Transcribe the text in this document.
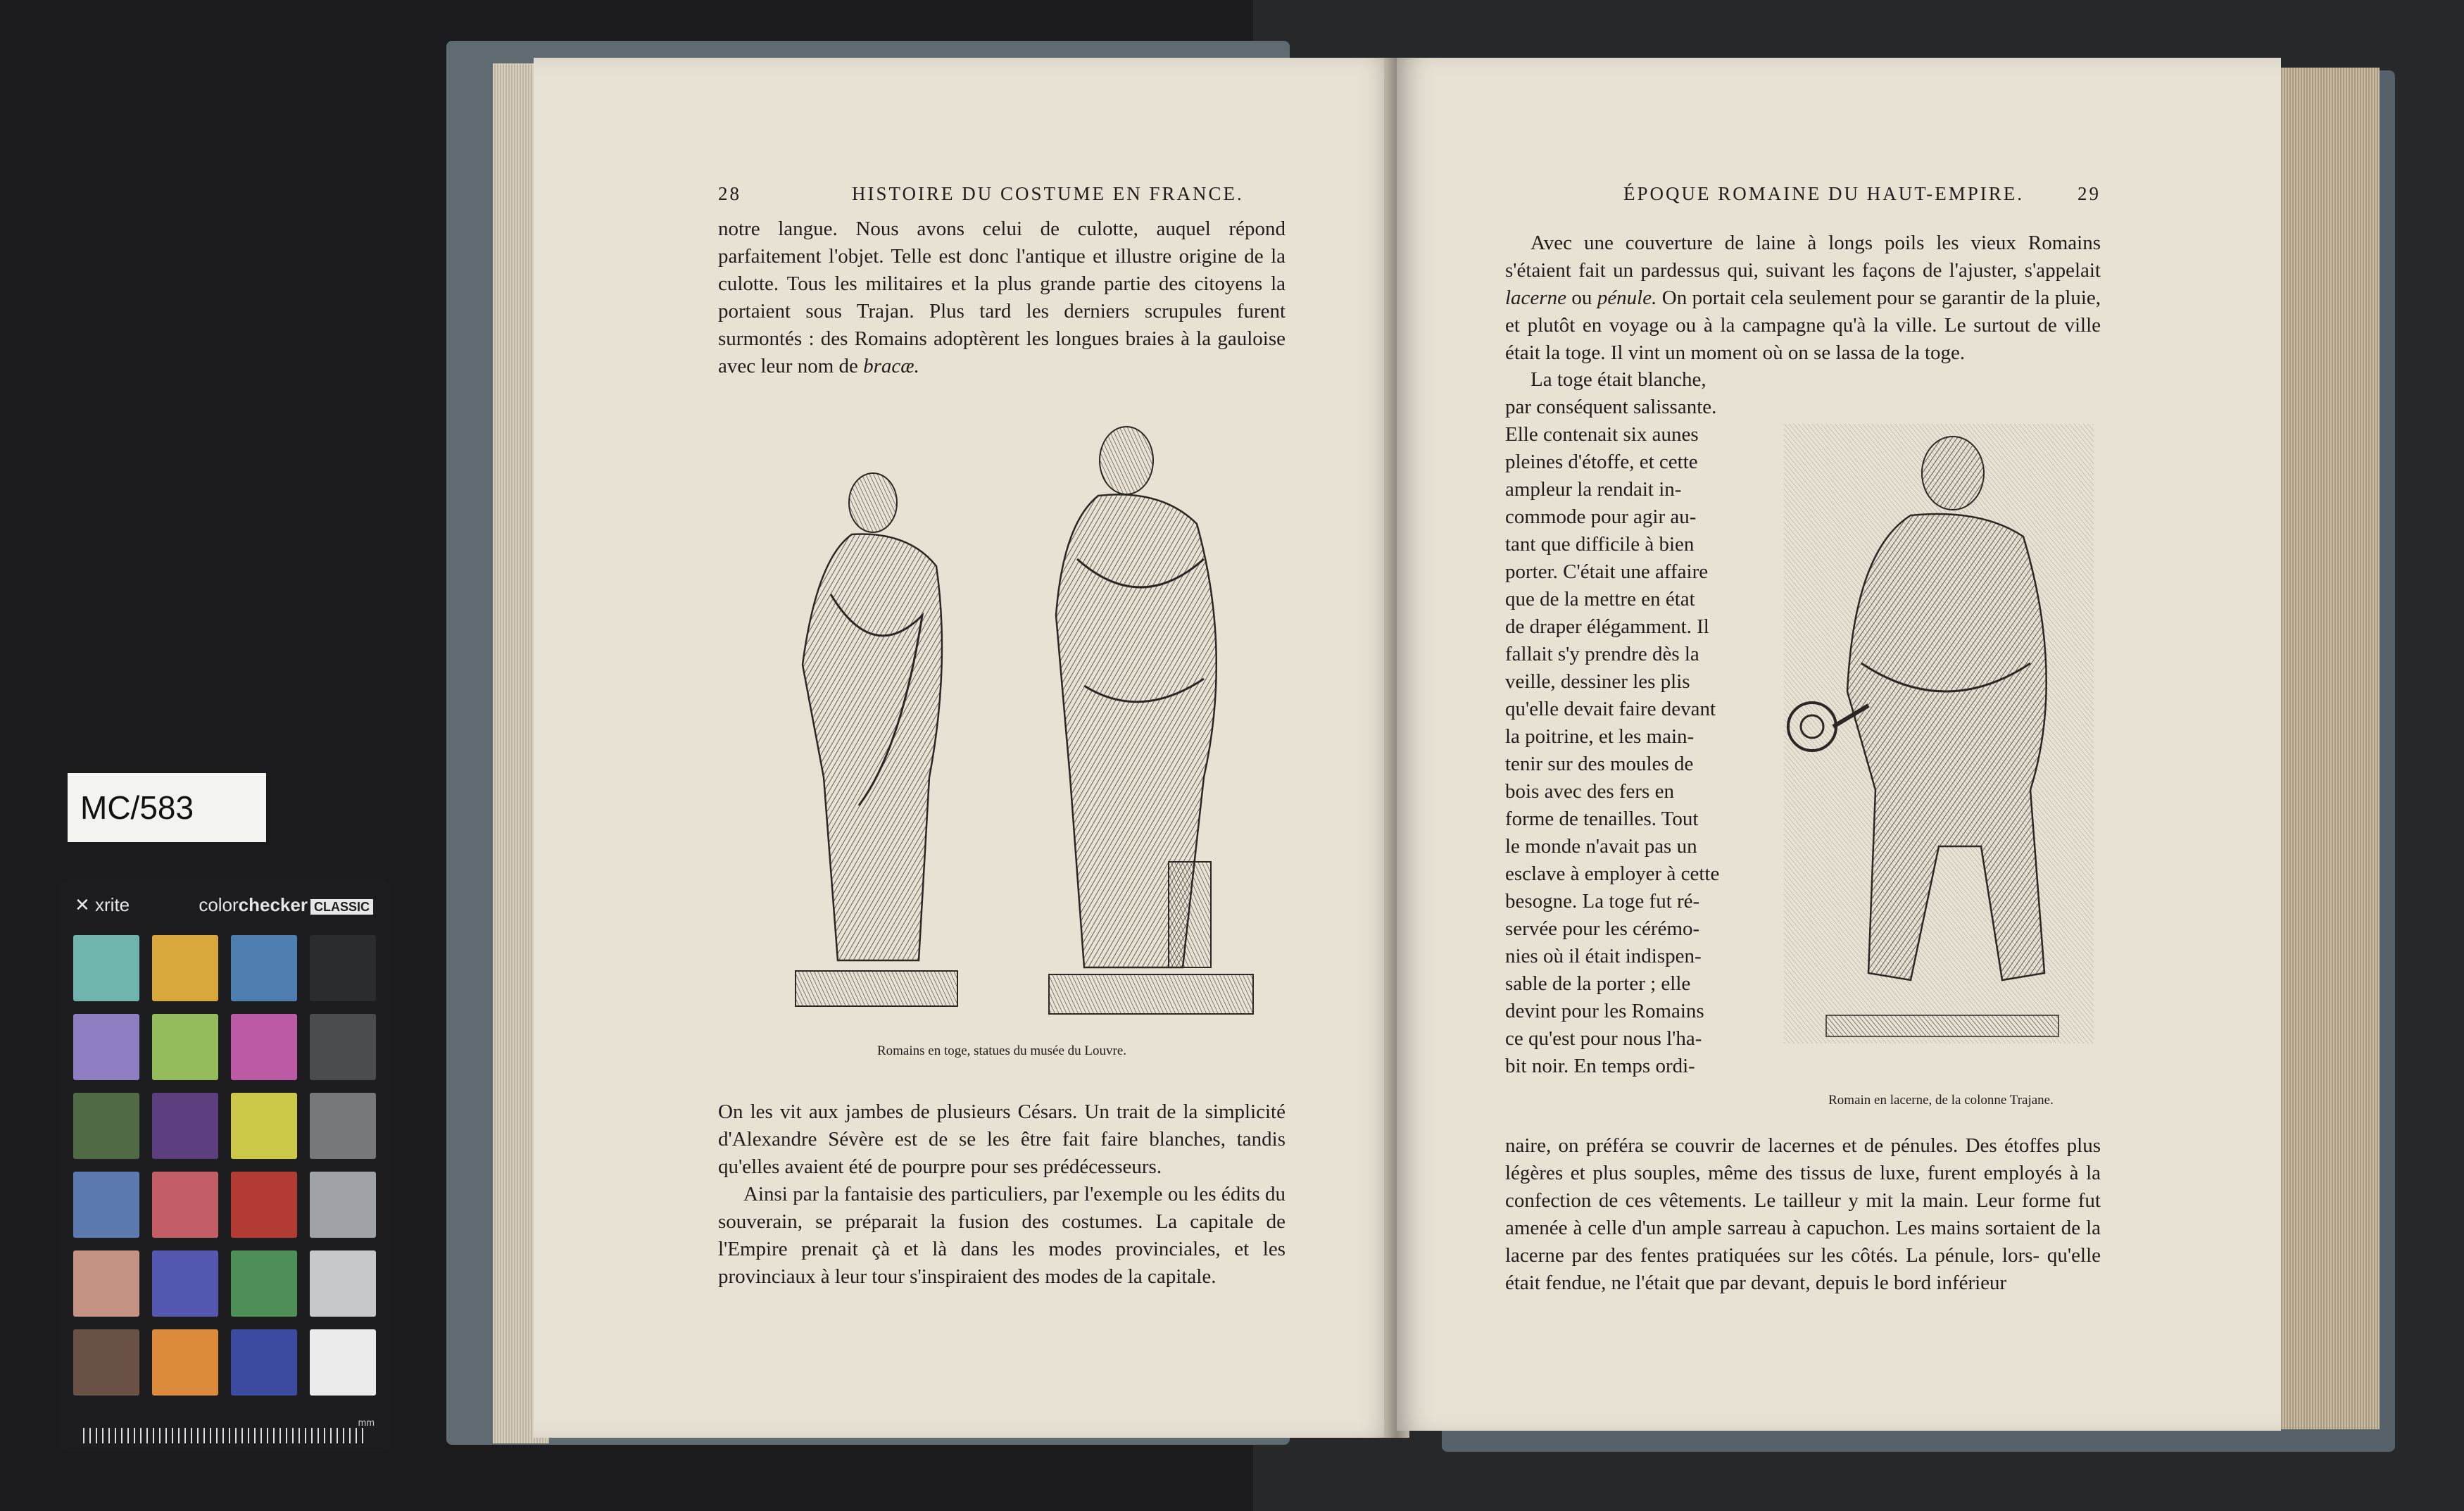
MC/583
✕ xrite	colorchecker CLASSIC
mm
28	HISTOIRE DU COSTUME EN FRANCE.

notre langue. Nous avons celui de culotte, auquel répond parfaitement l'objet. Telle est donc l'antique et illustre origine de la culotte. Tous les militaires et la plus grande partie des citoyens la portaient sous Trajan. Plus tard les derniers scrupules furent surmontés : des Romains adoptèrent les longues braies à la gauloise avec leur nom de bracæ.

Romains en toge, statues du musée du Louvre.

On les vit aux jambes de plusieurs Césars. Un trait de la simplicité d'Alexandre Sévère est de se les être fait faire blanches, tandis qu'elles avaient été de pourpre pour ses prédécesseurs.

Ainsi par la fantaisie des particuliers, par l'exemple ou les édits du souverain, se préparait la fusion des costumes. La capitale de l'Empire prenait çà et là dans les modes provinciales, et les provinciaux à leur tour s'inspiraient des modes de la capitale.

ÉPOQUE ROMAINE DU HAUT-EMPIRE.	29

Avec une couverture de laine à longs poils les vieux Romains s'étaient fait un pardessus qui, suivant les façons de l'ajuster, s'appelait lacerne ou pénule. On portait cela seulement pour se garantir de la pluie, et plutôt en voyage ou à la campagne qu'à la ville. Le surtout de ville était la toge. Il vint un moment où on se lassa de la toge.

La toge était blanche,
par conséquent salissante.
Elle contenait six aunes
pleines d'étoffe, et cette
ampleur la rendait in-
commode pour agir au-
tant que difficile à bien
porter. C'était une affaire
que de la mettre en état
de draper élégamment. Il
fallait s'y prendre dès la
veille, dessiner les plis
qu'elle devait faire devant
la poitrine, et les main-
tenir sur des moules de
bois avec des fers en
forme de tenailles. Tout
le monde n'avait pas un
esclave à employer à cette
besogne. La toge fut ré-
servée pour les cérémo-
nies où il était indispen-
sable de la porter ; elle
devint pour les Romains
ce qu'est pour nous l'ha-
bit noir. En temps ordi-
Romain en lacerne, de la colonne Trajane.

naire, on préféra se couvrir de lacernes et de pénules. Des étoffes plus légères et plus souples, même des tissus de luxe, furent employés à la confection de ces vêtements. Le tailleur y mit la main. Leur forme fut amenée à celle d'un ample sarreau à capuchon. Les mains sortaient de la lacerne par des fentes pratiquées sur les côtés. La pénule, lors- qu'elle était fendue, ne l'était que par devant, depuis le bord inférieur
